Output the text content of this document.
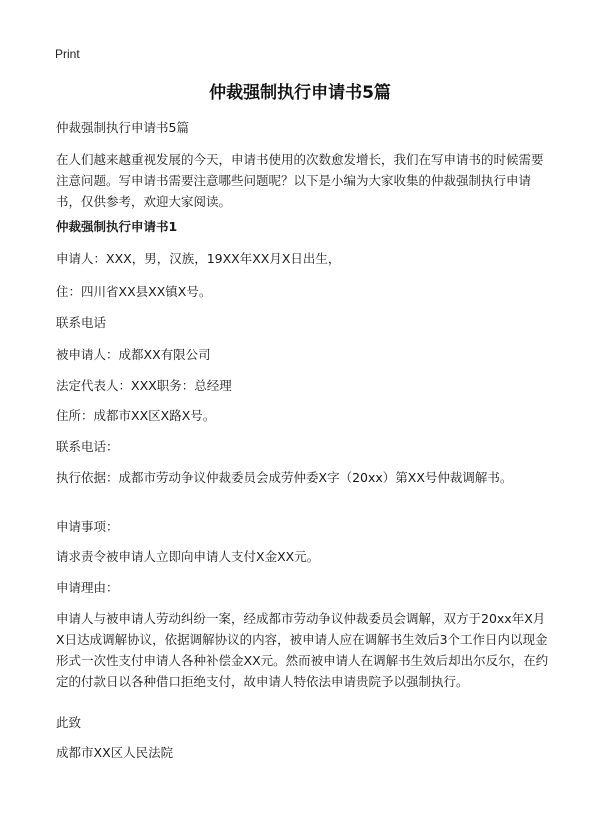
Print
仲裁强制执行申请书5篇
仲裁强制执行申请书5篇
在人们越来越重视发展的今天，申请书使用的次数愈发增长，我们在写申请书的时候需要注意问题。写申请书需要注意哪些问题呢？以下是小编为大家收集的仲裁强制执行申请书，仅供参考，欢迎大家阅读。
仲裁强制执行申请书1
申请人：XXX，男，汉族，19XX年XX月X日出生，
住：四川省XX县XX镇X号。
联系电话
被申请人：成都XX有限公司
法定代表人：XXX职务：总经理
住所：成都市XX区X路X号。
联系电话：
执行依据：成都市劳动争议仲裁委员会成劳仲委X字（20xx）第XX号仲裁调解书。
申请事项：
请求责令被申请人立即向申请人支付X金XX元。
申请理由：
申请人与被申请人劳动纠纷一案，经成都市劳动争议仲裁委员会调解，双方于20xx年X月X日达成调解协议，依据调解协议的内容，被申请人应在调解书生效后3个工作日内以现金形式一次性支付申请人各种补偿金XX元。然而被申请人在调解书生效后却出尔反尔，在约定的付款日以各种借口拒绝支付，故申请人特依法申请贵院予以强制执行。
此致
成都市XX区人民法院
